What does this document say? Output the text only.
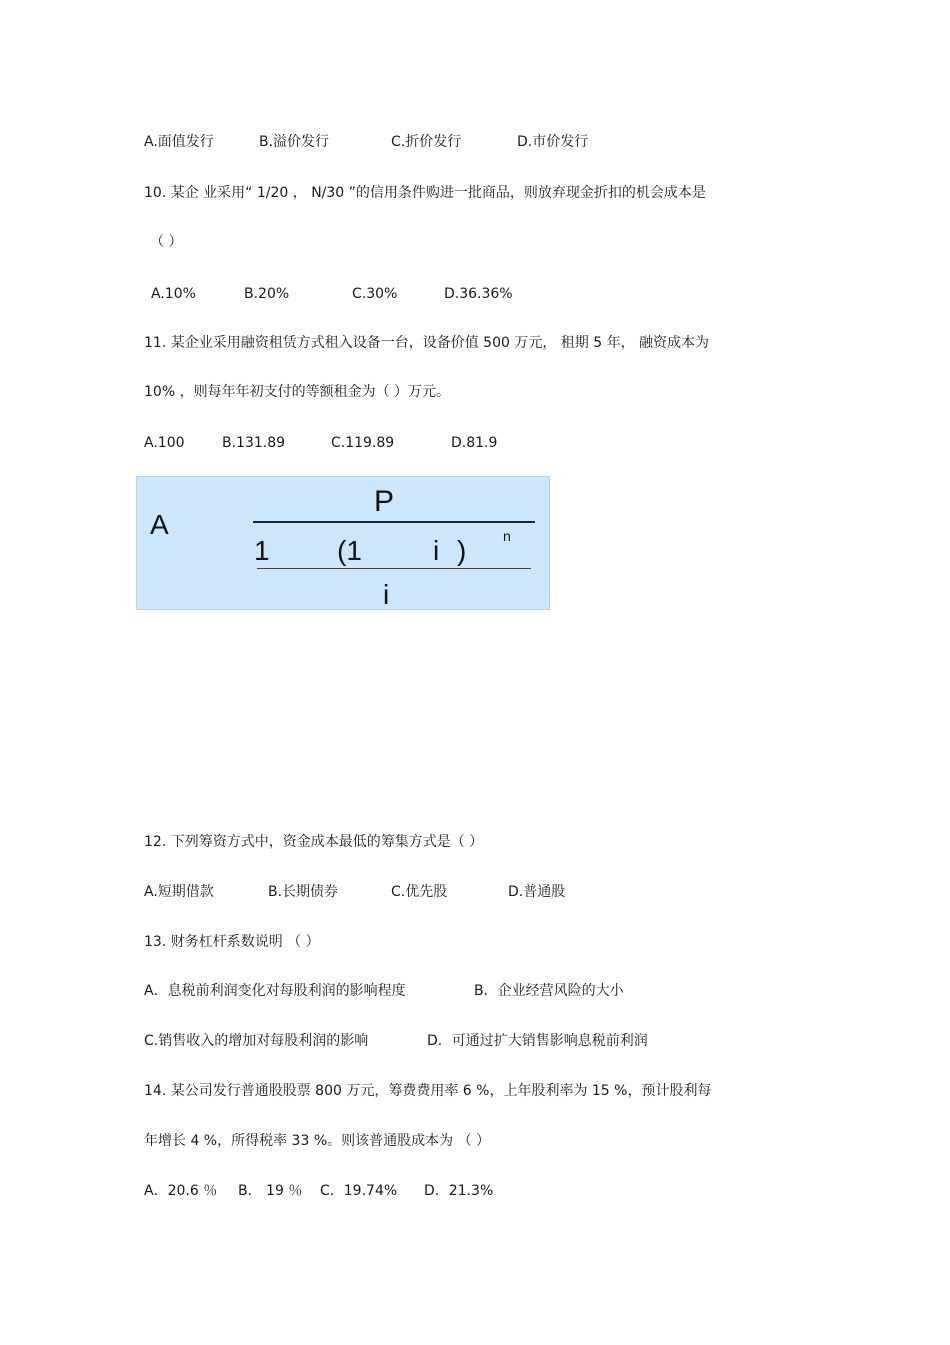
A.面值发行	B.溢价发行	C.折价发行	D.市价发行
10. 某企 业采用“ 1/20 ， N/30 ”的信用条件购进一批商品，则放弃现金折扣的机会成本是
（ ）
A.10%	B.20%	C.30%	D.36.36%
11. 某企业采用融资租赁方式租入设备一台，设备价值 500 万元， 租期 5 年， 融资成本为
10% ，则每年年初支付的等额租金为（ ）万元。
A.100	B.131.89	C.119.89	D.81.9
A
P
1 (1	i )	n
i
12. 下列筹资方式中，资金成本最低的筹集方式是（ ）
A.短期借款	B.长期债券	C.优先股	D.普通股
13. 财务杠杆系数说明 （ ）
A．息税前利润变化对每股利润的影响程度	B．企业经营风险的大小
C.销售收入的增加对每股利润的影响	D．可通过扩大销售影响息税前利润
14. 某公司发行普通股股票 800 万元，筹费费用率 6 %，上年股利率为 15 %，预计股利每
年增长 4 %，所得税率 33 %。则该普通股成本为 （ ）
A．20.6 ％ B． 19 ％ C．19.74% D．21.3%
